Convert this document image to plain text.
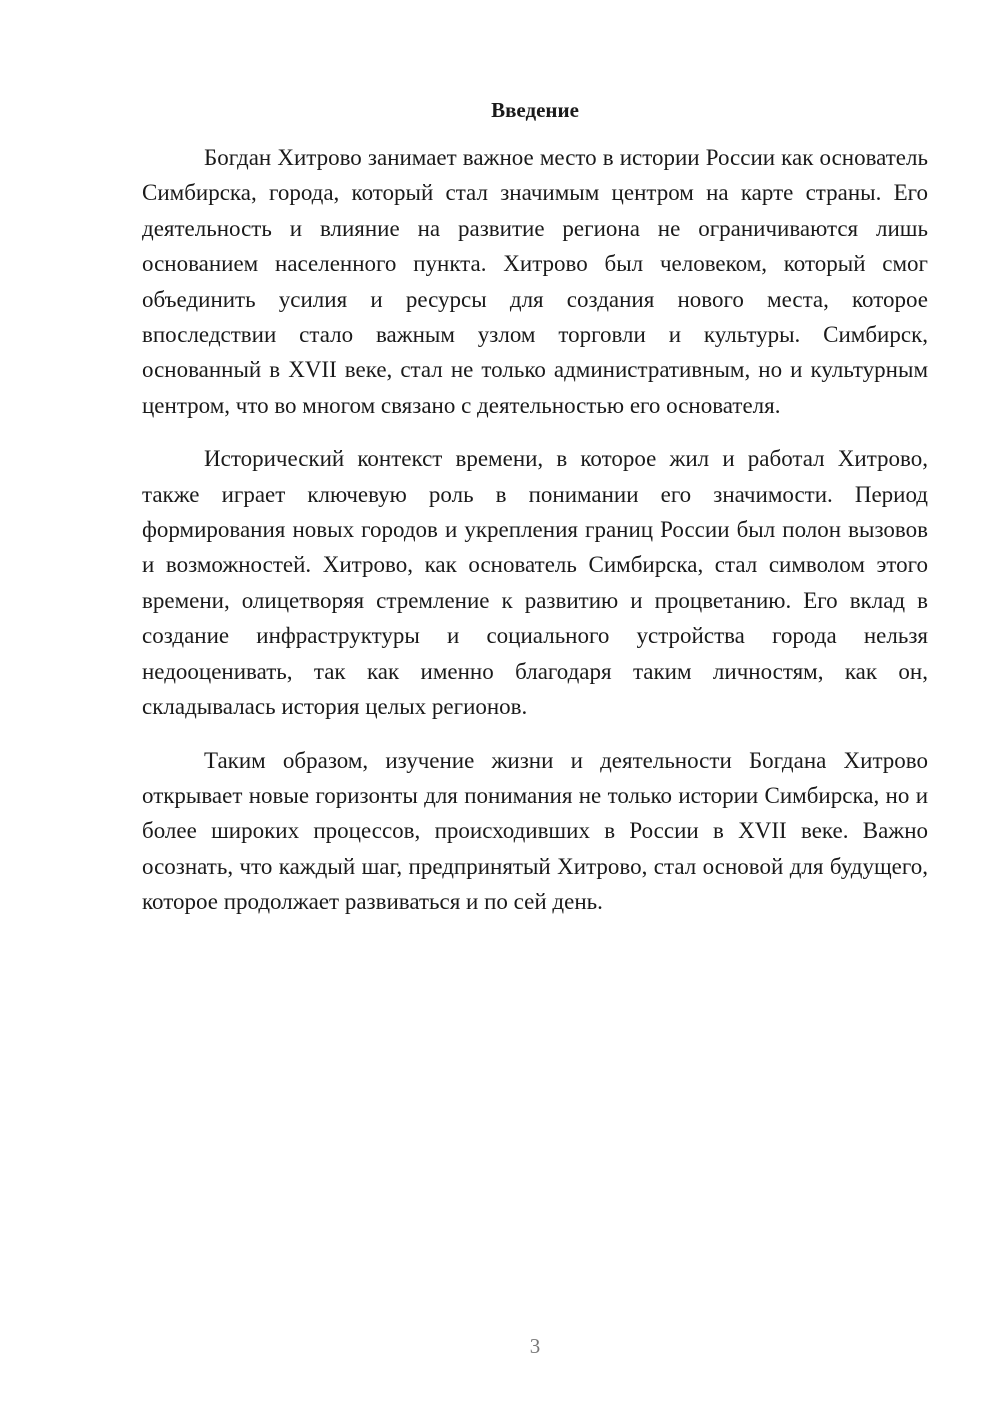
Введение

Богдан Хитрово занимает важное место в истории России как основатель Симбирска, города, который стал значимым центром на карте страны. Его деятельность и влияние на развитие региона не ограничиваются лишь основанием населенного пункта. Хитрово был человеком, который смог объединить усилия и ресурсы для создания нового места, которое впоследствии стало важным узлом торговли и культуры. Симбирск, основанный в XVII веке, стал не только административным, но и культурным центром, что во многом связано с деятельностью его основателя.

Исторический контекст времени, в которое жил и работал Хитрово, также играет ключевую роль в понимании его значимости. Период формирования новых городов и укрепления границ России был полон вызовов и возможностей. Хитрово, как основатель Симбирска, стал символом этого времени, олицетворяя стремление к развитию и процветанию. Его вклад в создание инфраструктуры и социального устройства города нельзя недооценивать, так как именно благодаря таким личностям, как он, складывалась история целых регионов.

Таким образом, изучение жизни и деятельности Богдана Хитрово открывает новые горизонты для понимания не только истории Симбирска, но и более широких процессов, происходивших в России в XVII веке. Важно осознать, что каждый шаг, предпринятый Хитрово, стал основой для будущего, которое продолжает развиваться и по сей день.

3
